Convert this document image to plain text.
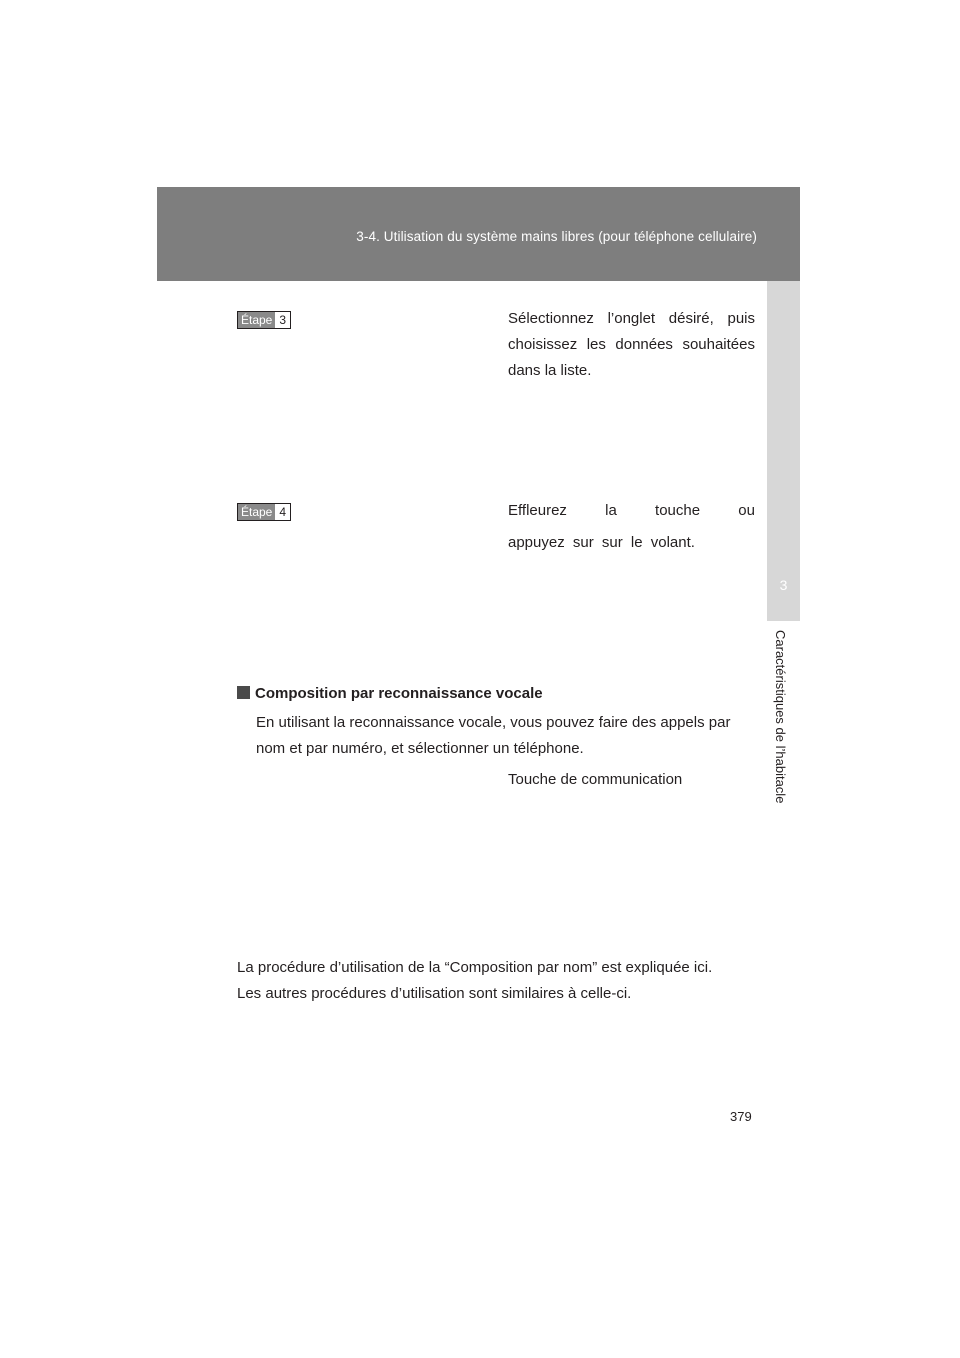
3-4. Utilisation du système mains libres (pour téléphone cellulaire)
3
Caractéristiques de l’habitacle
Étape 3	Sélectionnez l’onglet désiré, puis
choisissez les données souhaitées
dans la liste.
Étape 4	Effleurez la touche ou
appuyez sur sur le volant.
Composition par reconnaissance vocale
En utilisant la reconnaissance vocale, vous pouvez faire des appels par
nom et par numéro, et sélectionner un téléphone.
Touche de communication
La procédure d’utilisation de la “Composition par nom” est expliquée ici.
Les autres procédures d’utilisation sont similaires à celle-ci.
379
